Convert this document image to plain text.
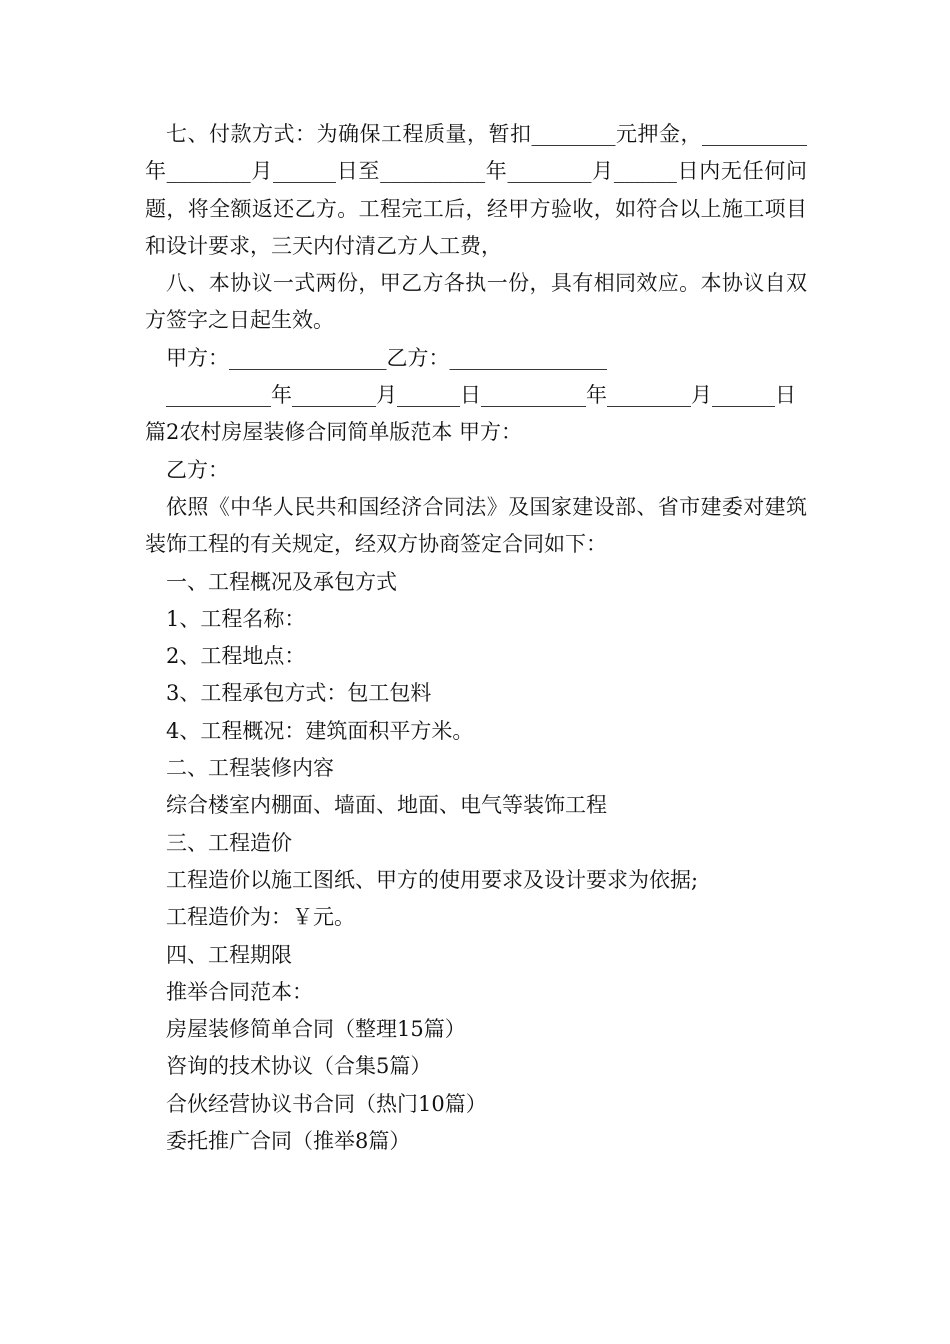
七、付款方式：为确保工程质量，暂扣________元押金，__________年________月______日至__________年________月______日内无任何问题，将全额返还乙方。工程完工后，经甲方验收，如符合以上施工项目和设计要求，三天内付清乙方人工费，

八、本协议一式两份，甲乙方各执一份，具有相同效应。本协议自双方签字之日起生效。

甲方：_______________乙方：_______________

__________年________月______日__________年________月______日

篇2农村房屋装修合同简单版范本 甲方：

乙方：

依照《中华人民共和国经济合同法》及国家建设部、省市建委对建筑装饰工程的有关规定，经双方协商签定合同如下：

一、工程概况及承包方式

1、工程名称：

2、工程地点：

3、工程承包方式：包工包料

4、工程概况：建筑面积平方米。

二、工程装修内容

综合楼室内棚面、墙面、地面、电气等装饰工程

三、工程造价

工程造价以施工图纸、甲方的使用要求及设计要求为依据;

工程造价为：￥元。

四、工程期限

推举合同范本：

房屋装修简单合同（整理15篇）

咨询的技术协议（合集5篇）

合伙经营协议书合同（热门10篇）

委托推广合同（推举8篇）
